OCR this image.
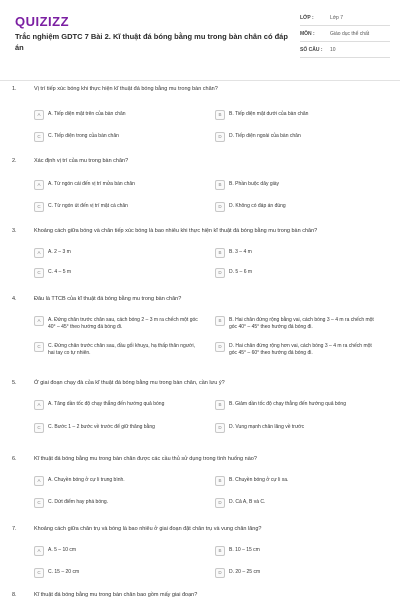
QUIZIZZ
Trắc nghiệm GDTC 7 Bài 2. Kĩ thuật đá bóng bằng mu trong bàn chân có đáp án
LỚP :	Lớp 7
MÔN :	Giáo dục thể chất
SỐ CÂU :	10
1.	Vị trí tiếp xúc bóng khi thực hiện kĩ thuật đá bóng bằng mu trong bàn chân?
A	A. Tiếp diện mặt trên của bàn chân	B	B. Tiếp diện mặt dưới của bàn chân
C	C. Tiếp diện trong của bàn chân	D	D. Tiếp diện ngoài của bàn chân
2.	Xác định vị trí của mu trong bàn chân?
A	A. Từ ngón cái đến vị trí mửa bàn chân	B	B. Phần buộc dây giày
C	C. Từ ngón út đến vị trí mặt cá chân	D	D. Không có đáp án đúng
3.	Khoảng cách giữa bóng và chân tiếp xúc bóng là bao nhiêu khi thực hiện kĩ thuật đá bóng bằng mu trong bàn chân?
A	A. 2 – 3 m	B	B. 3 – 4 m
C	C. 4 – 5 m	D	D. 5 – 6 m
4.	Đâu là TTCB của kĩ thuật đá bóng bằng mu trong bàn chân?
A	A. Đứng chân trước chân sau, cách bóng 2 – 3 m ra chếch một góc 40° – 45° theo hướng đá bóng đi.
B	B. Hai chân đứng rộng bằng vai, cách bóng 3 – 4 m ra chếch một góc 40° – 45° theo hướng đá bóng đi.
C	C. Đứng chân trước chân sau, đầu gối khuỵu, hạ thấp thân người, hai tay co tự nhiên.
D	D. Hai chân đứng rộng hơn vai, cách bóng 3 – 4 m ra chếch một góc 45° – 60° theo hướng đá bóng đi.
5.	Ở giai đoạn chạy đà của kĩ thuật đá bóng bằng mu trong bàn chân, cần lưu ý?
A	A. Tăng dần tốc độ chạy thẳng đến hướng quả bóng	B	B. Giảm dần tốc độ chạy thẳng đến hướng quả bóng
C	C. Bước 1 – 2 bước về trước để giữ thăng bằng	D	D. Vung mạnh chân lăng về trước
6.	Kĩ thuật đá bóng bằng mu trong bàn chân được các cầu thủ sử dụng trong tình huống nào?
A	A. Chuyền bóng ở cự li trung bình.	B	B. Chuyền bóng ở cự li xa.
C	C. Dứt điểm hay phá bóng.	D	D. Cả A, B và C.
7.	Khoảng cách giữa chân trụ và bóng là bao nhiêu ở giai đoạn đặt chân trụ và vung chân lăng?
A	A. 5 – 10 cm	B	B. 10 – 15 cm
C	C. 15 – 20 cm	D	D. 20 – 25 cm
8.	Kĩ thuật đá bóng bằng mu trong bàn chân bao gồm mấy giai đoạn?
